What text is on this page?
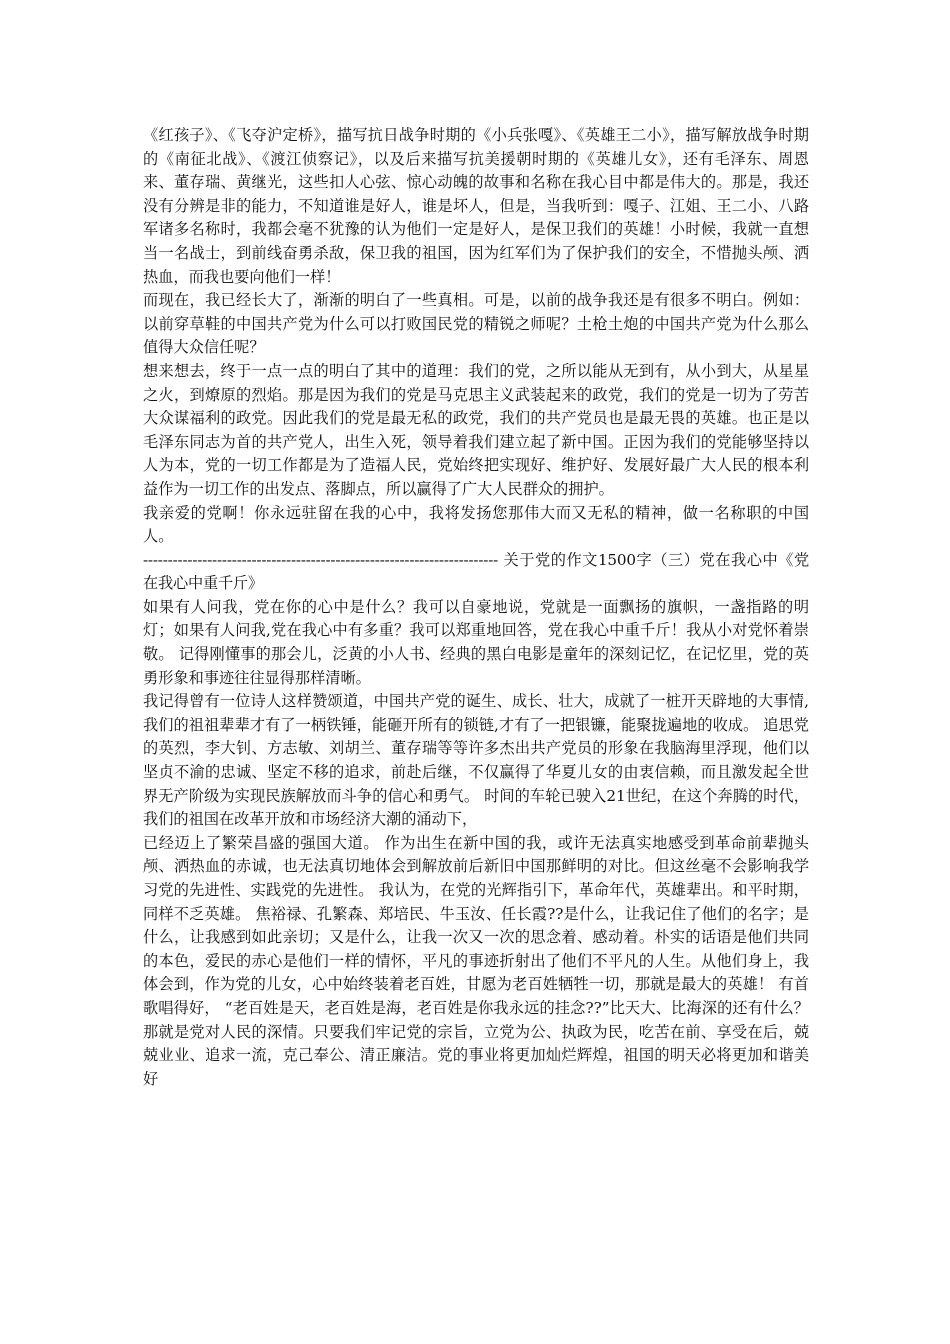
《红孩子》、《飞夺沪定桥》，描写抗日战争时期的《小兵张嘎》、《英雄王二小》，描写解放战争时期的《南征北战》、《渡江侦察记》，以及后来描写抗美援朝时期的《英雄儿女》，还有毛泽东、周恩来、董存瑞、黄继光，这些扣人心弦、惊心动魄的故事和名称在我心目中都是伟大的。那是，我还没有分辨是非的能力，不知道谁是好人，谁是坏人，但是，当我听到：嘎子、江姐、王二小、八路军诸多名称时，我都会毫不犹豫的认为他们一定是好人，是保卫我们的英雄！小时候，我就一直想当一名战士，到前线奋勇杀敌，保卫我的祖国，因为红军们为了保护我们的安全，不惜抛头颅、洒热血，而我也要向他们一样！

而现在，我已经长大了，渐渐的明白了一些真相。可是，以前的战争我还是有很多不明白。例如：以前穿草鞋的中国共产党为什么可以打败国民党的精锐之师呢？土枪土炮的中国共产党为什么那么值得大众信任呢？

想来想去，终于一点一点的明白了其中的道理：我们的党，之所以能从无到有，从小到大，从星星之火，到燎原的烈焰。那是因为我们的党是马克思主义武装起来的政党，我们的党是一切为了劳苦大众谋福利的政党。因此我们的党是最无私的政党，我们的共产党员也是最无畏的英雄。也正是以毛泽东同志为首的共产党人，出生入死，领导着我们建立起了新中国。正因为我们的党能够坚持以人为本，党的一切工作都是为了造福人民，党始终把实现好、维护好、发展好最广大人民的根本利益作为一切工作的出发点、落脚点，所以赢得了广大人民群众的拥护。

我亲爱的党啊！你永远驻留在我的心中，我将发扬您那伟大而又无私的精神，做一名称职的中国人。

------------------------------------------------------------------------ 关于党的作文1500字（三）党在我心中《党在我心中重千斤》

如果有人问我，党在你的心中是什么？我可以自豪地说，党就是一面飘扬的旗帜，一盏指路的明灯；如果有人问我,党在我心中有多重？我可以郑重地回答，党在我心中重千斤！我从小对党怀着崇敬。 记得刚懂事的那会儿，泛黄的小人书、经典的黑白电影是童年的深刻记忆，在记忆里，党的英勇形象和事迹往往显得那样清晰。

我记得曾有一位诗人这样赞颂道，中国共产党的诞生、成长、壮大，成就了一桩开天辟地的大事情,我们的祖祖辈辈才有了一柄铁锤，能砸开所有的锁链,才有了一把银镰，能聚拢遍地的收成。 追思党的英烈，李大钊、方志敏、刘胡兰、董存瑞等等许多杰出共产党员的形象在我脑海里浮现，他们以坚贞不渝的忠诚、坚定不移的追求，前赴后继，不仅赢得了华夏儿女的由衷信赖，而且激发起全世界无产阶级为实现民族解放而斗争的信心和勇气。 时间的车轮已驶入21世纪，在这个奔腾的时代，我们的祖国在改革开放和市场经济大潮的涌动下，

已经迈上了繁荣昌盛的强国大道。 作为出生在新中国的我，或许无法真实地感受到革命前辈抛头颅、洒热血的赤诚，也无法真切地体会到解放前后新旧中国那鲜明的对比。但这丝毫不会影响我学习党的先进性、实践党的先进性。 我认为，在党的光辉指引下，革命年代，英雄辈出。和平时期，同样不乏英雄。 焦裕禄、孔繁森、郑培民、牛玉汝、任长霞??是什么，让我记住了他们的名字；是什么，让我感到如此亲切；又是什么，让我一次又一次的思念着、感动着。朴实的话语是他们共同的本色，爱民的赤心是他们一样的情怀，平凡的事迹折射出了他们不平凡的人生。从他们身上，我体会到，作为党的儿女，心中始终装着老百姓，甘愿为老百姓牺牲一切，那就是最大的英雄！ 有首歌唱得好， “老百姓是天，老百姓是海，老百姓是你我永远的挂念??”比天大、比海深的还有什么？那就是党对人民的深情。只要我们牢记党的宗旨，立党为公、执政为民，吃苦在前、享受在后，兢兢业业、追求一流，克己奉公、清正廉洁。党的事业将更加灿烂辉煌，祖国的明天必将更加和谐美好
